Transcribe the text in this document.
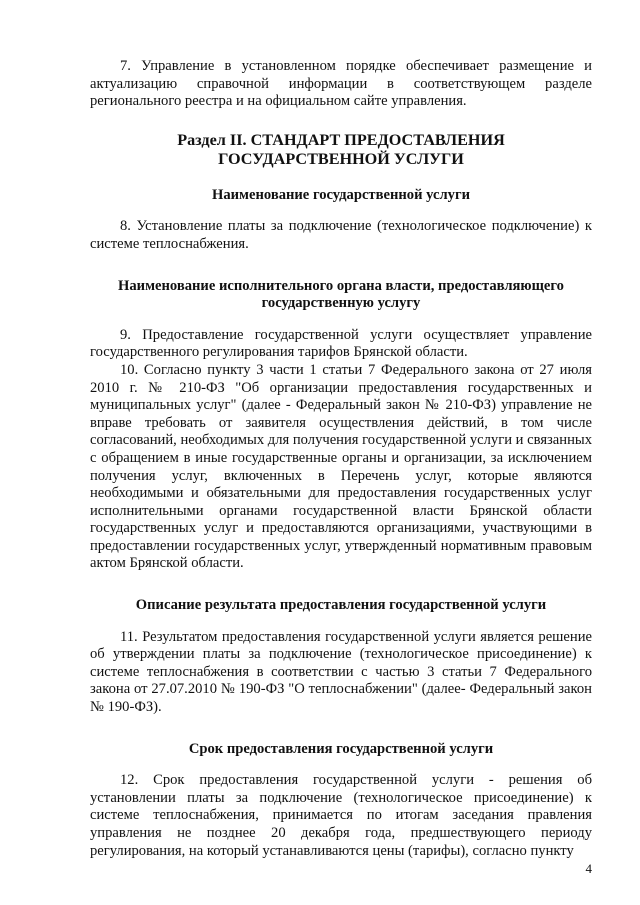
7. Управление в установленном порядке обеспечивает размещение и актуализацию справочной информации в соответствующем разделе регионального реестра и на официальном сайте управления.

Раздел II. СТАНДАРТ ПРЕДОСТАВЛЕНИЯ ГОСУДАРСТВЕННОЙ УСЛУГИ
Наименование государственной услуги

8. Установление платы за подключение (технологическое подключение) к системе теплоснабжения.

Наименование исполнительного органа власти, предоставляющего государственную услугу

9. Предоставление государственной услуги осуществляет управление государственного регулирования тарифов Брянской области.

10. Согласно пункту 3 части 1 статьи 7 Федерального закона от 27 июля 2010 г. № 210-ФЗ "Об организации предоставления государственных и муниципальных услуг" (далее - Федеральный закон № 210-ФЗ) управление не вправе требовать от заявителя осуществления действий, в том числе согласований, необходимых для получения государственной услуги и связанных с обращением в иные государственные органы и организации, за исключением получения услуг, включенных в Перечень услуг, которые являются необходимыми и обязательными для предоставления государственных услуг исполнительными органами государственной власти Брянской области государственных услуг и предоставляются организациями, участвующими в предоставлении государственных услуг, утвержденный нормативным правовым актом Брянской области.

Описание результата предоставления государственной услуги

11. Результатом предоставления государственной услуги является решение об утверждении платы за подключение (технологическое присоединение) к системе теплоснабжения в соответствии с частью 3 статьи 7 Федерального закона от 27.07.2010 № 190-ФЗ "О теплоснабжении" (далее- Федеральный закон № 190-ФЗ).

Срок предоставления государственной услуги

12. Срок предоставления государственной услуги - решения об установлении платы за подключение (технологическое присоединение) к системе теплоснабжения, принимается по итогам заседания правления управления не позднее 20 декабря года, предшествующего периоду регулирования, на который устанавливаются цены (тарифы), согласно пункту

4
